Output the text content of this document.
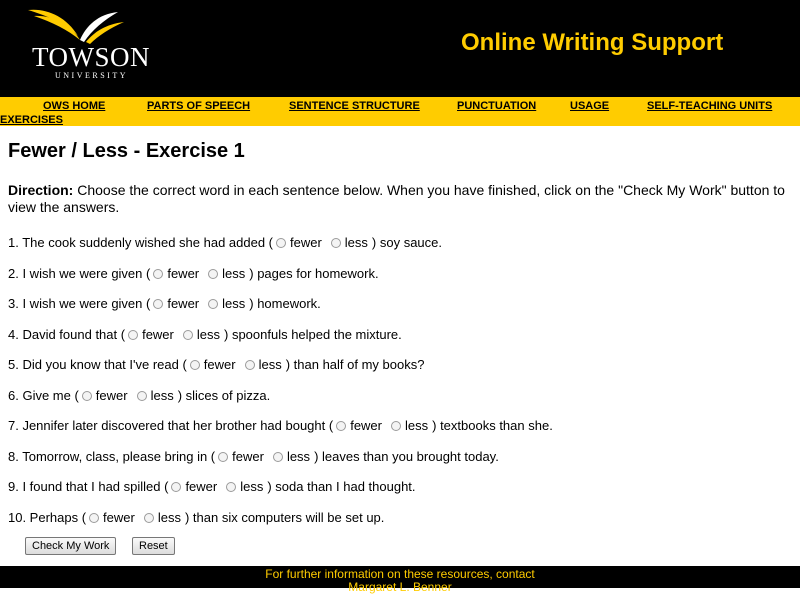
TOWSON
UNIVERSITY
Online Writing Support
OWS HOME	PARTS OF SPEECH	SENTENCE STRUCTURE	PUNCTUATION	USAGE	SELF-TEACHING UNITS
EXERCISES
Fewer / Less - Exercise 1
Direction: Choose the correct word in each sentence below. When you have finished, click on the "Check My Work" button to view the answers.
1. The cook suddenly wished she had added ( fewer less ) soy sauce.
2. I wish we were given ( fewer less ) pages for homework.
3. I wish we were given ( fewer less ) homework.
4. David found that ( fewer less ) spoonfuls helped the mixture.
5. Did you know that I've read ( fewer less ) than half of my books?
6. Give me ( fewer less ) slices of pizza.
7. Jennifer later discovered that her brother had bought ( fewer less ) textbooks than she.
8. Tomorrow, class, please bring in ( fewer less ) leaves than you brought today.
9. I found that I had spilled ( fewer less ) soda than I had thought.
10. Perhaps ( fewer less ) than six computers will be set up.
Check My Work	Reset
For further information on these resources, contact
Margaret L. Benner
